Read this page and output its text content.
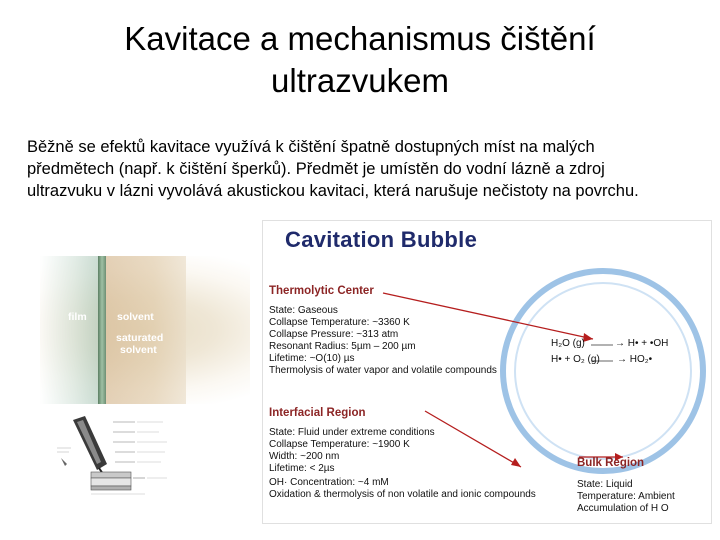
Kavitace a mechanismus čištění
ultrazvukem
Běžně se efektů kavitace využívá k čištění špatně dostupných míst na malých
předmětech (např. k čištění šperků). Předmět je umístěn do vodní lázně a zdroj
ultrazvuku v lázni vyvolává akustickou kavitaci, která narušuje nečistoty na povrchu.
film	solvent
saturated
solvent
Cavitation Bubble
Thermolytic Center
State: Gaseous
Collapse Temperature: ~3360 K
Collapse Pressure: ~313 atm
Resonant Radius: 5µm – 200 µm
Lifetime: ~O(10) µs
Thermolysis of water vapor and volatile compounds
H₂O (g)	→ H• + •OH
H• + O₂ (g) → HO₂•
Interfacial Region
State: Fluid under extreme conditions
Collapse Temperature: ~1900 K
Width: ~200 nm
Lifetime: < 2µs
OH· Concentration: ~4 mM
Oxidation & thermolysis of non volatile and ionic compounds
Bulk Region
State: Liquid
Temperature: Ambient
Accumulation of H O
